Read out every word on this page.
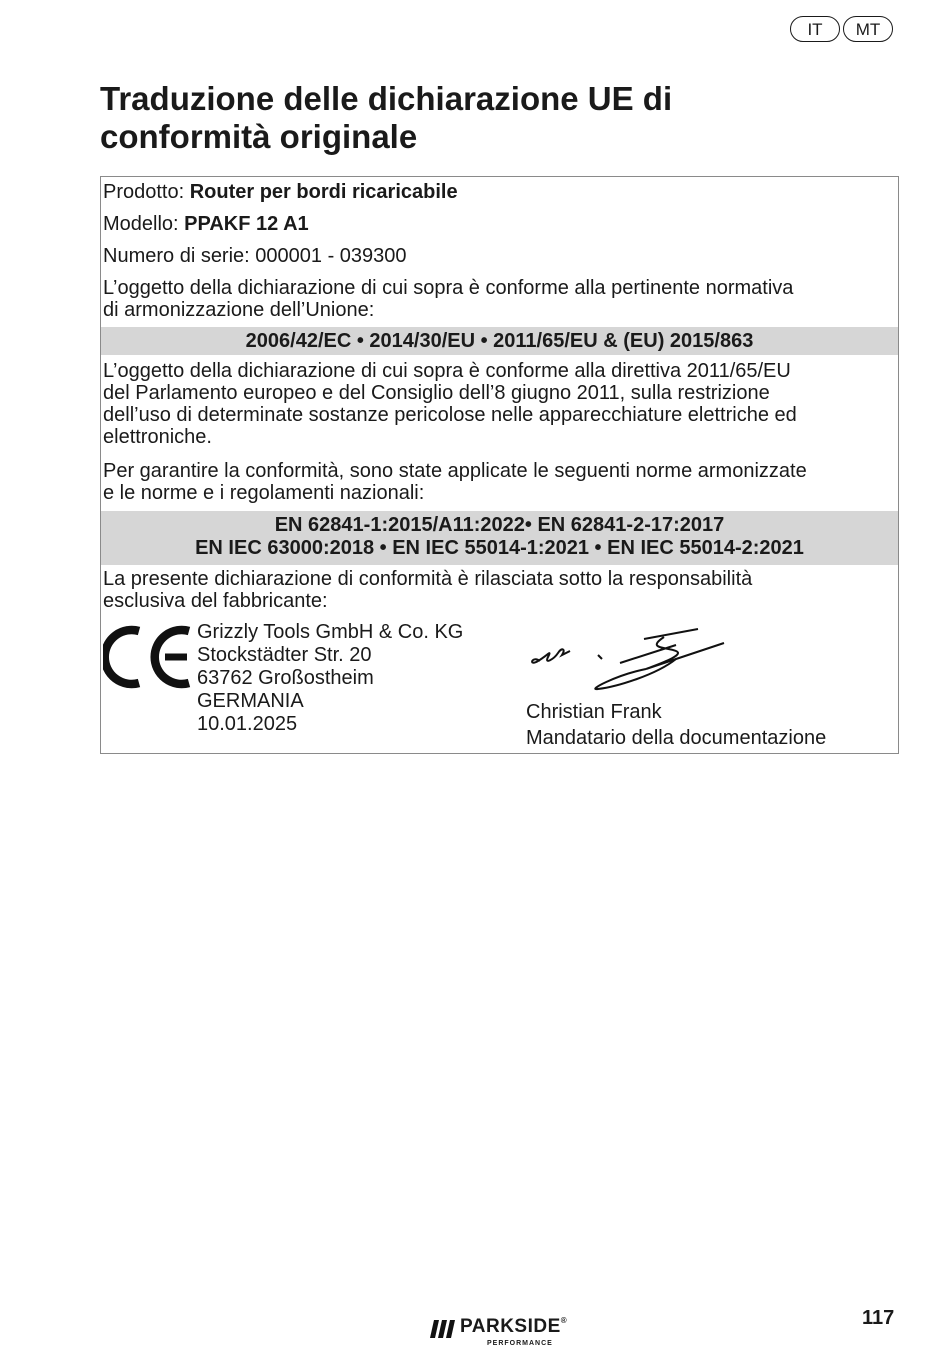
IT	MT
Traduzione delle dichiarazione UE di conformità originale
Prodotto: Router per bordi ricaricabile
Modello: PPAKF 12 A1
Numero di serie: 000001 - 039300
L’oggetto della dichiarazione di cui sopra è conforme alla pertinente normativa
di armonizzazione dell’Unione:
2006/42/EC • 2014/30/EU • 2011/65/EU & (EU) 2015/863
L’oggetto della dichiarazione di cui sopra è conforme alla direttiva 2011/65/EU
del Parlamento europeo e del Consiglio dell’8 giugno 2011, sulla restrizione
dell’uso di determinate sostanze pericolose nelle apparecchiature elettriche ed
elettroniche.
Per garantire la conformità, sono state applicate le seguenti norme armonizzate
e le norme e i regolamenti nazionali:
EN 62841-1:2015/A11:2022• EN 62841-2-17:2017
EN IEC 63000:2018 • EN IEC 55014-1:2021 • EN IEC 55014-2:2021
La presente dichiarazione di conformità è rilasciata sotto la responsabilità
esclusiva del fabbricante:
Grizzly Tools GmbH & Co. KG
Stockstädter Str. 20
63762 Großostheim
GERMANIA
10.01.2025
Christian Frank
Mandatario della documentazione
PARKSIDE®
PERFORMANCE
117
